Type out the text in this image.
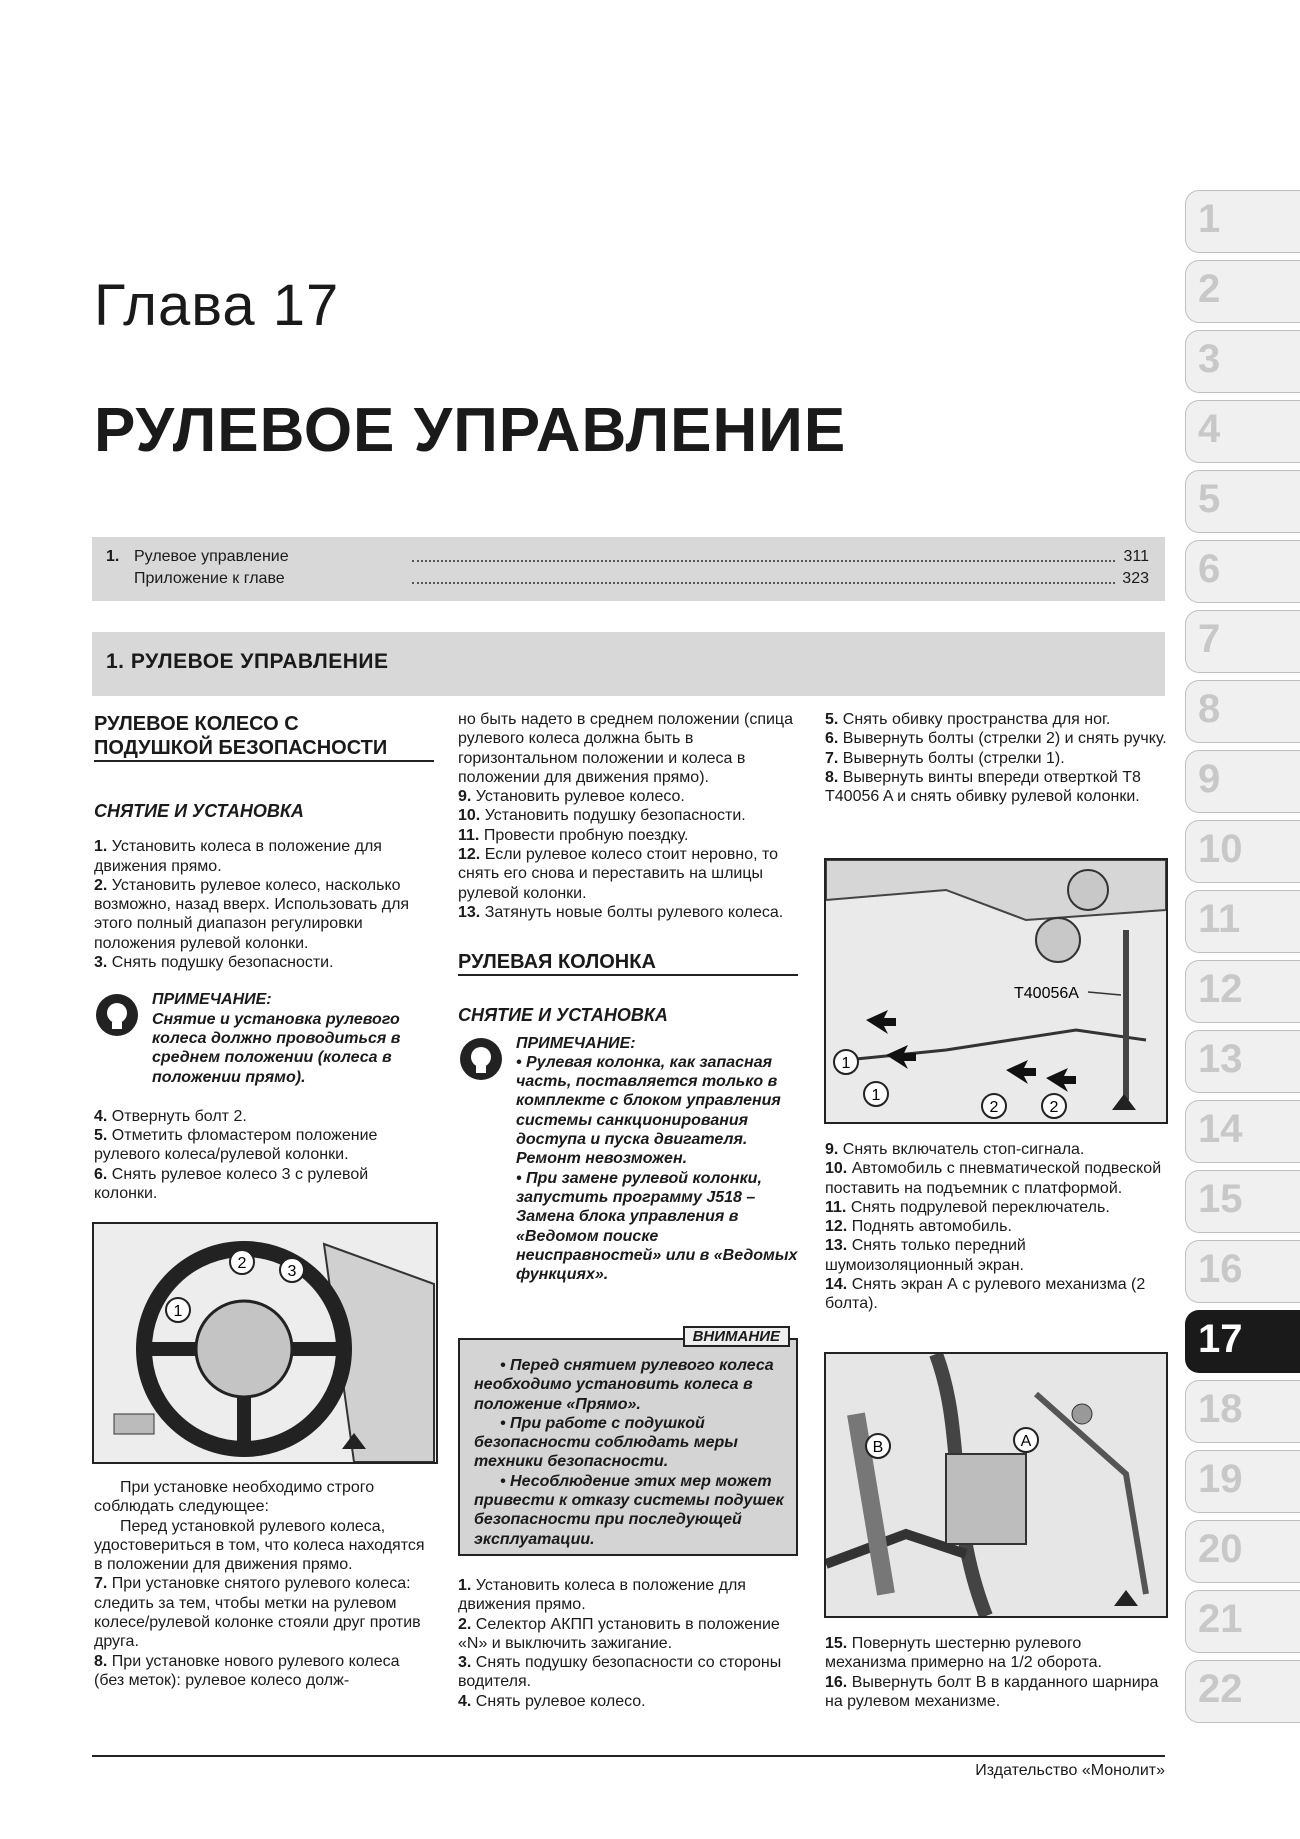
Глава 17
РУЛЕВОЕ УПРАВЛЕНИЕ
1. Рулевое управление	311
Приложение к главе	323
1. РУЛЕВОЕ УПРАВЛЕНИЕ
РУЛЕВОЕ КОЛЕСО С
ПОДУШКОЙ БЕЗОПАСНОСТИ
СНЯТИЕ И УСТАНОВКА

1. Установить колеса в положение для движения прямо.

2. Установить рулевое колесо, насколько возможно, назад вверх. Использовать для этого полный диапазон регулировки положения рулевой колонки.

3. Снять подушку безопасности.

ПРИМЕЧАНИЕ:
Снятие и установка рулевого колеса должно проводиться в среднем положении (колеса в положении прямо).

4. Отвернуть болт 2.

5. Отметить фломастером положение рулевого колеса/рулевой колонки.

6. Снять рулевое колесо 3 с рулевой колонки.

1
2	3

При установке необходимо строго соблюдать следующее:

Перед установкой рулевого колеса, удостовериться в том, что колеса находятся в положении для движения прямо.

7. При установке снятого рулевого колеса: следить за тем, чтобы метки на рулевом колесе/рулевой колонке стояли друг против друга.

8. При установке нового рулевого колеса (без меток): рулевое колесо долж-

но быть надето в среднем положении (спица рулевого колеса должна быть в горизонтальном положении и колеса в положении для движения прямо).

9. Установить рулевое колесо.

10. Установить подушку безопасности.

11. Провести пробную поездку.

12. Если рулевое колесо стоит неровно, то снять его снова и переставить на шлицы рулевой колонки.

13. Затянуть новые болты рулевого колеса.

РУЛЕВАЯ КОЛОНКА
СНЯТИЕ И УСТАНОВКА
ПРИМЕЧАНИЕ:
• Рулевая колонка, как запасная часть, поставляется только в комплекте с блоком управления системы санкционирования доступа и пуска двигателя. Ремонт невозможен.
• При замене рулевой колонки, запустить программу J518 – Замена блока управления в «Ведомом поиске неисправностей» или в «Ведомых функциях».
ВНИМАНИЕ

• Перед снятием рулевого колеса необходимо установить колеса в положение «Прямо».

• При работе с подушкой безопасности соблюдать меры техники безопасности.

• Несоблюдение этих мер может привести к отказу системы подушек безопасности при последующей эксплуатации.

1. Установить колеса в положение для движения прямо.

2. Селектор АКПП установить в положение «N» и выключить зажигание.

3. Снять подушку безопасности со стороны водителя.

4. Снять рулевое колесо.

5. Снять обивку пространства для ног.

6. Вывернуть болты (стрелки 2) и снять ручку.

7. Вывернуть болты (стрелки 1).

8. Вывернуть винты впереди отверткой T8 T40056 A и снять обивку рулевой колонки.

T40056A
1
1
2	2

9. Снять включатель стоп-сигнала.

10. Автомобиль с пневматической подвеской поставить на подъемник с платформой.

11. Снять подрулевой переключатель.

12. Поднять автомобиль.

13. Снять только передний шумоизоляционный экран.

14. Снять экран А с рулевого механизма (2 болта).

B	A

15. Повернуть шестерню рулевого механизма примерно на 1/2 оборота.

16. Вывернуть болт В в карданного шарнира на рулевом механизме.

1
2
3
4
5
6
7
8
9
10
11
12
13
14
15
16
17
18
19
20
21
22
Издательство «Монолит»
